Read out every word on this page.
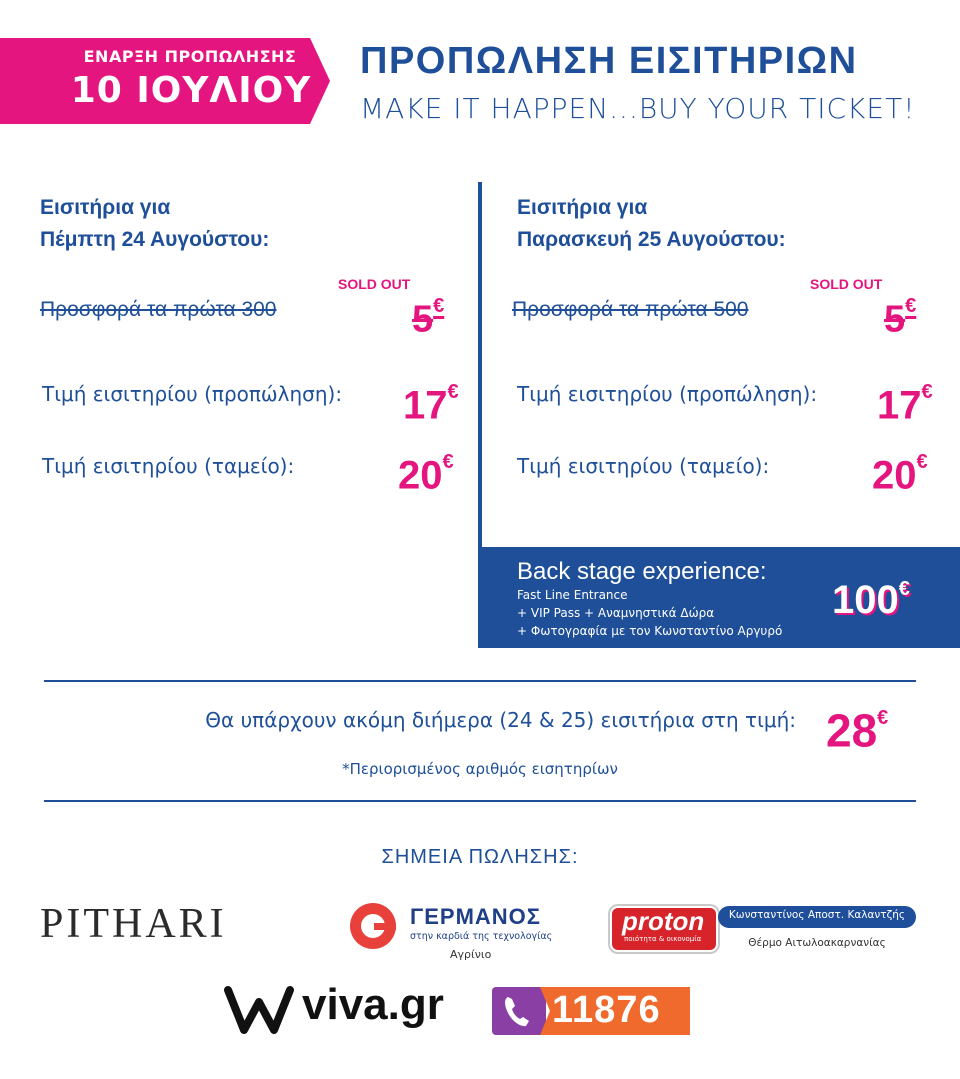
ΕΝΑΡΞΗ ΠΡΟΠΩΛΗΣΗΣ
10 ΙΟΥΛΙΟΥ
ΠΡΟΠΩΛΗΣΗ ΕΙΣΙΤΗΡΙΩΝ
MAKE IT HAPPEN...BUY YOUR TICKET!
Εισιτήρια για
Πέμπτη 24 Αυγούστου:
Προσφορά τα πρώτα 300
SOLD OUT
5€
Τιμή εισιτηρίου (προπώληση): 17€
Τιμή εισιτηρίου (ταμείο):	20€
Εισιτήρια για
Παρασκευή 25 Αυγούστου:
Προσφορά τα πρώτα 500
SOLD OUT
5€
Τιμή εισιτηρίου (προπώληση): 17€
Τιμή εισιτηρίου (ταμείο):	20€
Back stage experience:
Fast Line Entrance
+ VIP Pass + Αναμνηστικά Δώρα
+ Φωτογραφία με τον Κωνσταντίνο Αργυρό
100€
Θα υπάρχουν ακόμη διήμερα (24 & 25) εισιτήρια στη τιμή: 28€
*Περιορισμένος αριθμός εισητηρίων
ΣΗΜΕΙΑ ΠΩΛΗΣΗΣ:
PITHARI	ΓΕΡΜΑΝΟΣ
στην καρδιά της τεχνολογίας
Αγρίνιο
proton
ποιότητα & οικονομία
Κωνσταντίνος Αποστ. Καλαντζής
Θέρμο Αιτωλοακαρνανίας
viva.gr	11876
